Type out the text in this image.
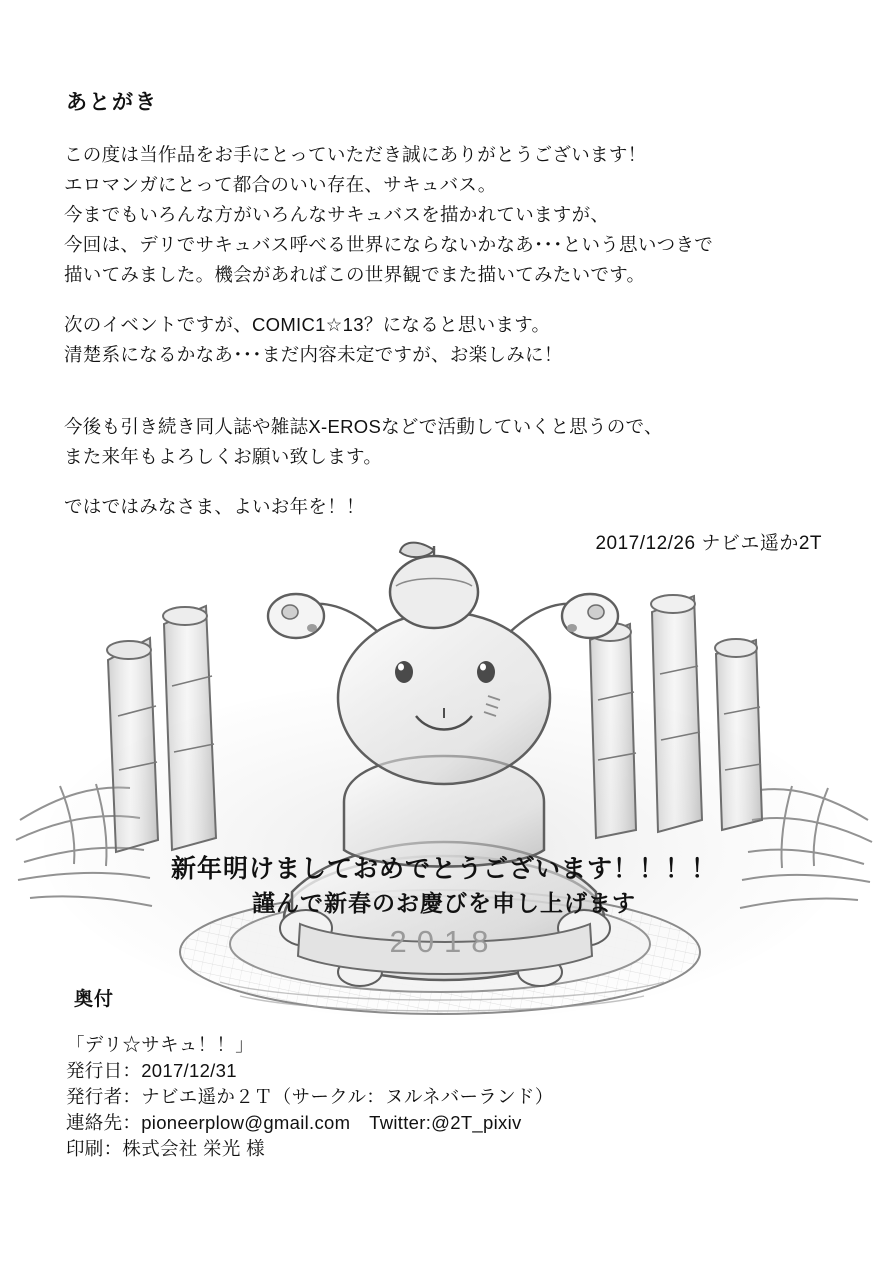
あとがき

この度は当作品をお手にとっていただき誠にありがとうございます！

エロマンガにとって都合のいい存在、サキュバス。

今までもいろんな方がいろんなサキュバスを描かれていますが、

今回は、デリでサキュバス呼べる世界にならないかなあ･･･という思いつきで

描いてみました。機会があればこの世界観でまた描いてみたいです。

次のイベントですが、COMIC1☆13？になると思います。

清楚系になるかなあ･･･まだ内容未定ですが、お楽しみに！

今後も引き続き同人誌や雑誌X-EROSなどで活動していくと思うので、

また来年もよろしくお願い致します。

ではではみなさま、よいお年を！！

2017/12/26 ナビエ遥か2T
2018
新年明けましておめでとうございます！！！！
謹んで新春のお慶びを申し上げます
奥付

「デリ☆サキュ！！」

発行日：2017/12/31

発行者：ナビエ遥か２Ｔ（サークル：ヌルネバーランド）

連絡先：pioneerplow@gmail.com　Twitter:@2T_pixiv

印刷：株式会社 栄光 様
